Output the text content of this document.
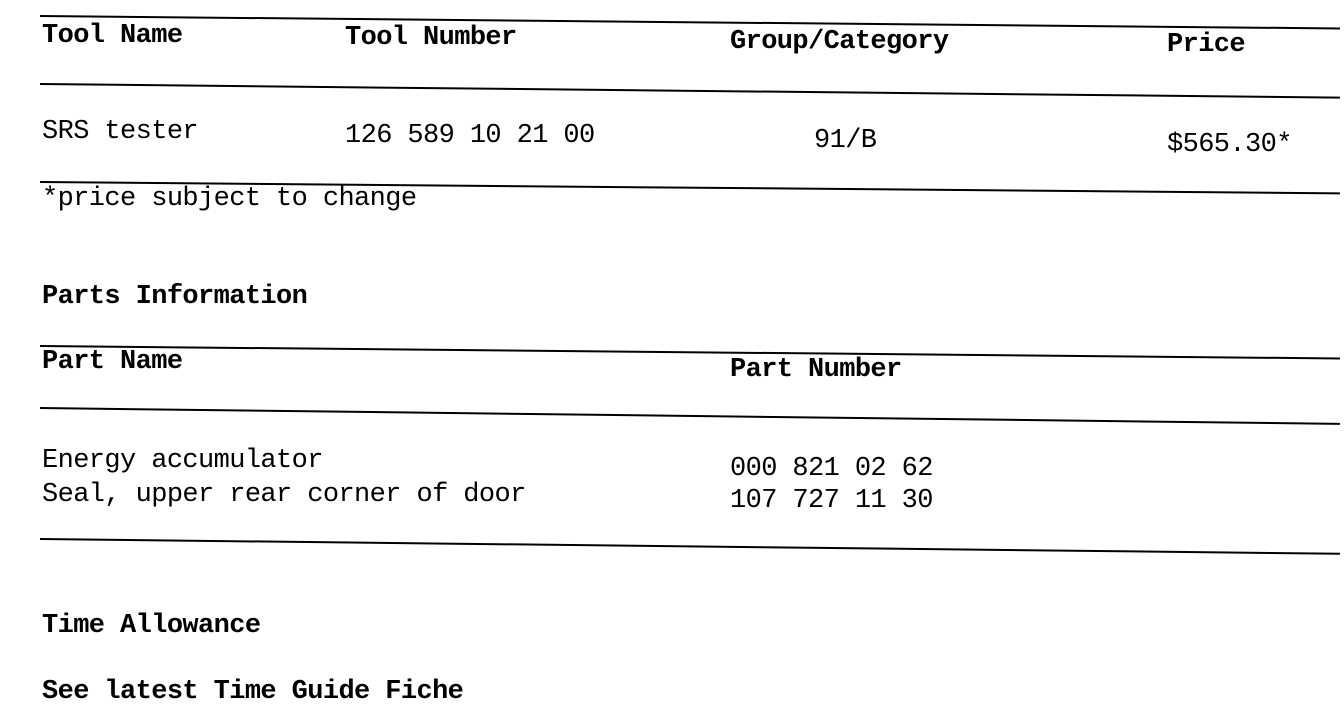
Tool Name	Tool Number	Group/Category	Price
SRS tester	126 589 10 21 00	91/B	$565.30*
*price subject to change
Parts Information
Part Name	Part Number
Energy accumulator	000 821 02 62
Seal, upper rear corner of door	107 727 11 30
Time Allowance
See latest Time Guide Fiche
